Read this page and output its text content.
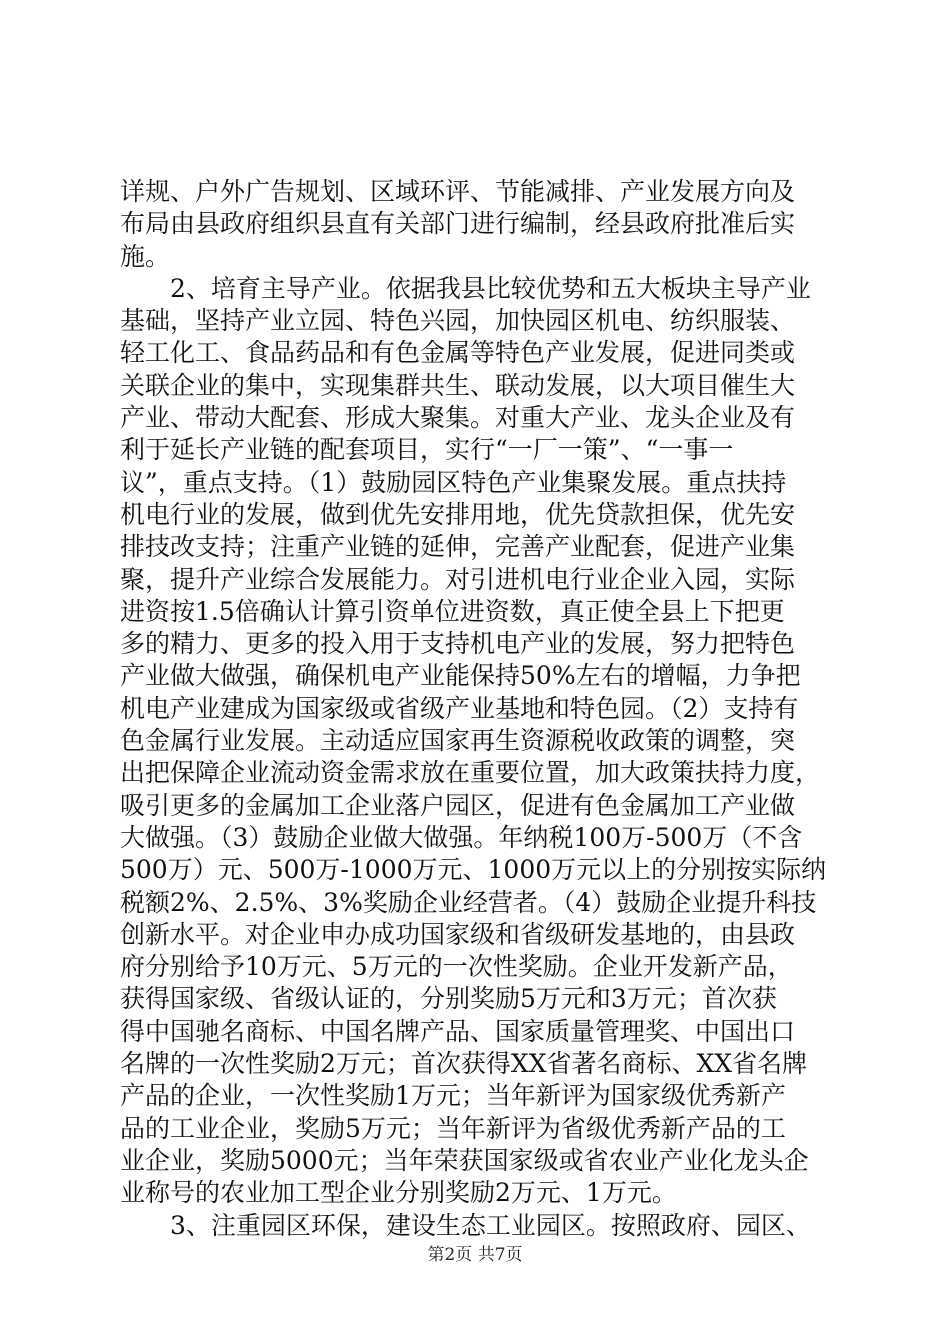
详规、户外广告规划、区域环评、节能减排、产业发展方向及
布局由县政府组织县直有关部门进行编制，经县政府批准后实
施。
　　2、培育主导产业。依据我县比较优势和五大板块主导产业
基础，坚持产业立园、特色兴园，加快园区机电、纺织服装、
轻工化工、食品药品和有色金属等特色产业发展，促进同类或
关联企业的集中，实现集群共生、联动发展，以大项目催生大
产业、带动大配套、形成大聚集。对重大产业、龙头企业及有
利于延长产业链的配套项目，实行“一厂一策”、“一事一
议”，重点支持。（1）鼓励园区特色产业集聚发展。重点扶持
机电行业的发展，做到优先安排用地，优先贷款担保，优先安
排技改支持；注重产业链的延伸，完善产业配套，促进产业集
聚，提升产业综合发展能力。对引进机电行业企业入园，实际
进资按1.5倍确认计算引资单位进资数，真正使全县上下把更
多的精力、更多的投入用于支持机电产业的发展，努力把特色
产业做大做强，确保机电产业能保持50%左右的增幅，力争把
机电产业建成为国家级或省级产业基地和特色园。（2）支持有
色金属行业发展。主动适应国家再生资源税收政策的调整，突
出把保障企业流动资金需求放在重要位置，加大政策扶持力度，
吸引更多的金属加工企业落户园区，促进有色金属加工产业做
大做强。（3）鼓励企业做大做强。年纳税100万-500万（不含
500万）元、500万-1000万元、1000万元以上的分别按实际纳
税额2%、2.5%、3%奖励企业经营者。（4）鼓励企业提升科技
创新水平。对企业申办成功国家级和省级研发基地的，由县政
府分别给予10万元、5万元的一次性奖励。企业开发新产品，
获得国家级、省级认证的，分别奖励5万元和3万元；首次获
得中国驰名商标、中国名牌产品、国家质量管理奖、中国出口
名牌的一次性奖励2万元；首次获得XX省著名商标、XX省名牌
产品的企业，一次性奖励1万元；当年新评为国家级优秀新产
品的工业企业，奖励5万元；当年新评为省级优秀新产品的工
业企业，奖励5000元；当年荣获国家级或省农业产业化龙头企
业称号的农业加工型企业分别奖励2万元、1万元。
　　3、注重园区环保，建设生态工业园区。按照政府、园区、
第2页 共7页
